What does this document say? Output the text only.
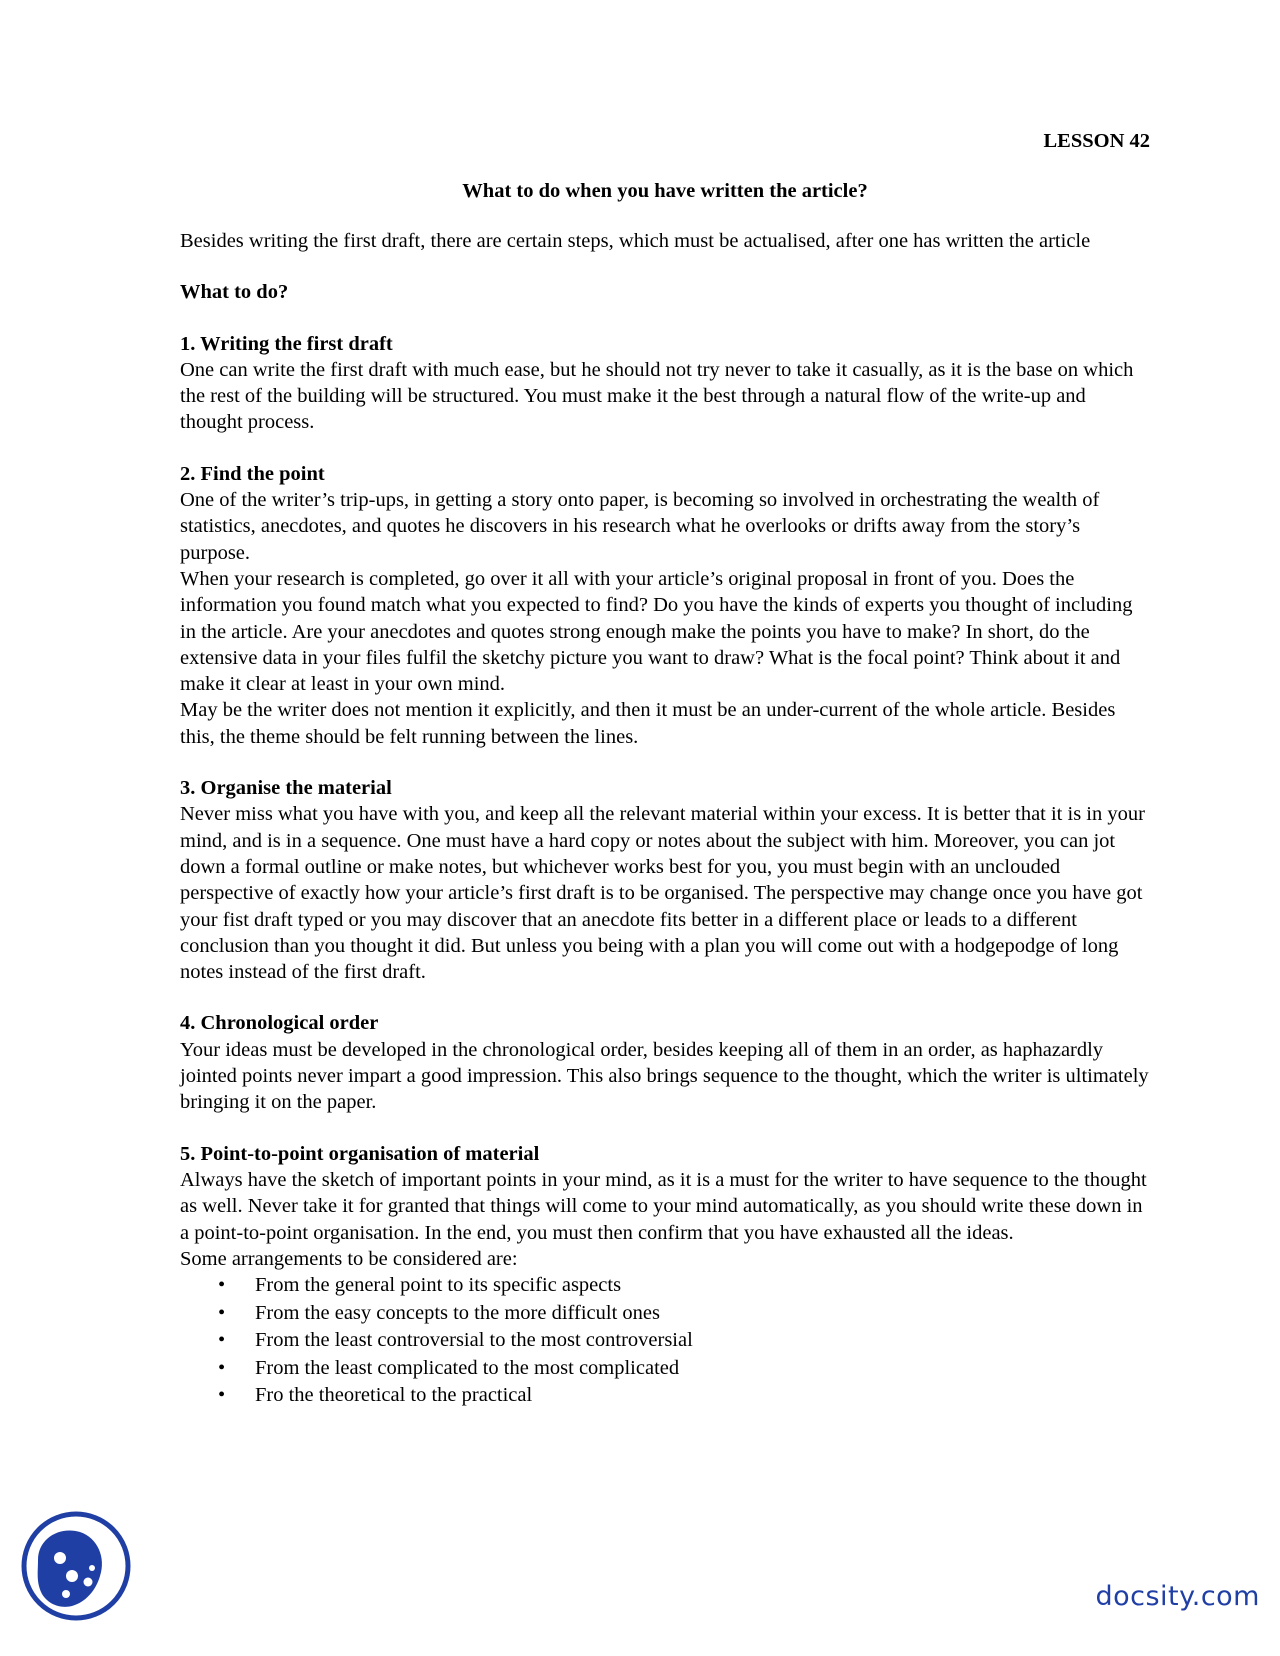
LESSON 42
What to do when you have written the article?

Besides writing the first draft, there are certain steps, which must be actualised, after one has written the article

What to do?
1. Writing the first draft

One can write the first draft with much ease, but he should not try never to take it casually, as it is the base on which the rest of the building will be structured. You must make it the best through a natural flow of the write-up and thought process.

2. Find the point

One of the writer’s trip-ups, in getting a story onto paper, is becoming so involved in orchestrating the wealth of statistics, anecdotes, and quotes he discovers in his research what he overlooks or drifts away from the story’s purpose.

When your research is completed, go over it all with your article’s original proposal in front of you. Does the information you found match what you expected to find? Do you have the kinds of experts you thought of including in the article. Are your anecdotes and quotes strong enough make the points you have to make? In short, do the extensive data in your files fulfil the sketchy picture you want to draw? What is the focal point? Think about it and make it clear at least in your own mind.

May be the writer does not mention it explicitly, and then it must be an under-current of the whole article. Besides this, the theme should be felt running between the lines.

3. Organise the material

Never miss what you have with you, and keep all the relevant material within your excess. It is better that it is in your mind, and is in a sequence. One must have a hard copy or notes about the subject with him. Moreover, you can jot down a formal outline or make notes, but whichever works best for you, you must begin with an unclouded perspective of exactly how your article’s first draft is to be organised. The perspective may change once you have got your fist draft typed or you may discover that an anecdote fits better in a different place or leads to a different conclusion than you thought it did. But unless you being with a plan you will come out with a hodgepodge of long notes instead of the first draft.

4. Chronological order

Your ideas must be developed in the chronological order, besides keeping all of them in an order, as haphazardly jointed points never impart a good impression. This also brings sequence to the thought, which the writer is ultimately bringing it on the paper.

5. Point-to-point organisation of material

Always have the sketch of important points in your mind, as it is a must for the writer to have sequence to the thought as well. Never take it for granted that things will come to your mind automatically, as you should write these down in a point-to-point organisation. In the end, you must then confirm that you have exhausted all the ideas.

Some arrangements to be considered are:

• From the general point to its specific aspects
• From the easy concepts to the more difficult ones
• From the least controversial to the most controversial
• From the least complicated to the most complicated
• Fro the theoretical to the practical
docsity.com
